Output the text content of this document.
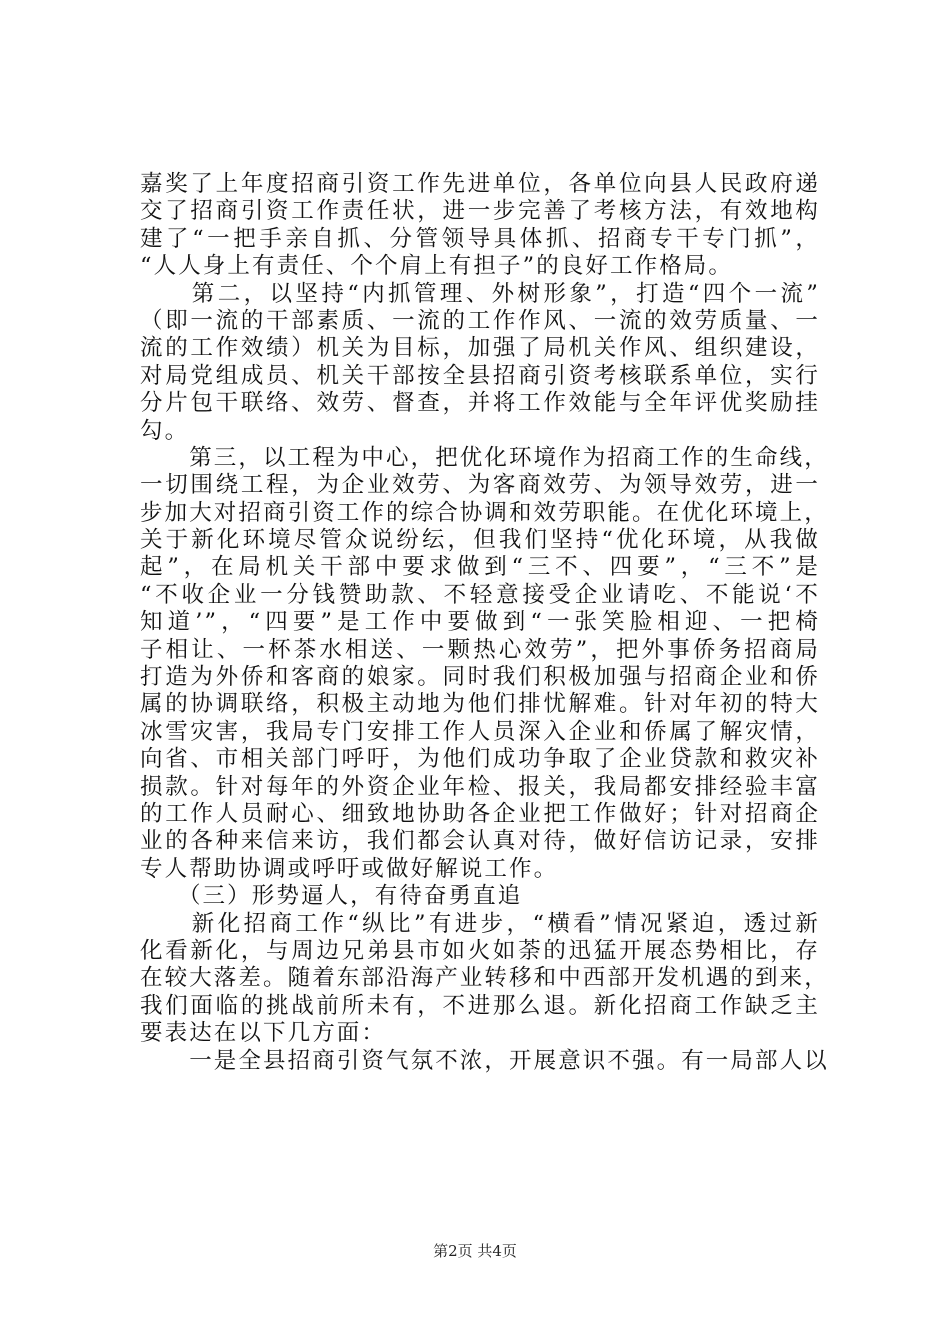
嘉奖了上年度招商引资工作先进单位，各单位向县人民政府递
交了招商引资工作责任状，进一步完善了考核方法，有效地构
建了“一把手亲自抓、分管领导具体抓、招商专干专门抓”，
“人人身上有责任、个个肩上有担子”的良好工作格局。
　　第二，以坚持“内抓管理、外树形象”，打造“四个一流”
（即一流的干部素质、一流的工作作风、一流的效劳质量、一
流的工作效绩）机关为目标，加强了局机关作风、组织建设，
对局党组成员、机关干部按全县招商引资考核联系单位，实行
分片包干联络、效劳、督查，并将工作效能与全年评优奖励挂
勾。
　　第三，以工程为中心，把优化环境作为招商工作的生命线，
一切围绕工程，为企业效劳、为客商效劳、为领导效劳，进一
步加大对招商引资工作的综合协调和效劳职能。在优化环境上，
关于新化环境尽管众说纷纭，但我们坚持“优化环境，从我做
起”，在局机关干部中要求做到“三不、四要”，“三不”是
“不收企业一分钱赞助款、不轻意接受企业请吃、不能说‘不
知道’”，“四要”是工作中要做到“一张笑脸相迎、一把椅
子相让、一杯茶水相送、一颗热心效劳”，把外事侨务招商局
打造为外侨和客商的娘家。同时我们积极加强与招商企业和侨
属的协调联络，积极主动地为他们排忧解难。针对年初的特大
冰雪灾害，我局专门安排工作人员深入企业和侨属了解灾情，
向省、市相关部门呼吁，为他们成功争取了企业贷款和救灾补
损款。针对每年的外资企业年检、报关，我局都安排经验丰富
的工作人员耐心、细致地协助各企业把工作做好；针对招商企
业的各种来信来访，我们都会认真对待，做好信访记录，安排
专人帮助协调或呼吁或做好解说工作。
　　（三）形势逼人，有待奋勇直追
　　新化招商工作“纵比”有进步，“横看”情况紧迫，透过新
化看新化，与周边兄弟县市如火如荼的迅猛开展态势相比，存
在较大落差。随着东部沿海产业转移和中西部开发机遇的到来，
我们面临的挑战前所未有，不进那么退。新化招商工作缺乏主
要表达在以下几方面：
　　一是全县招商引资气氛不浓，开展意识不强。有一局部人以
第2页 共4页
